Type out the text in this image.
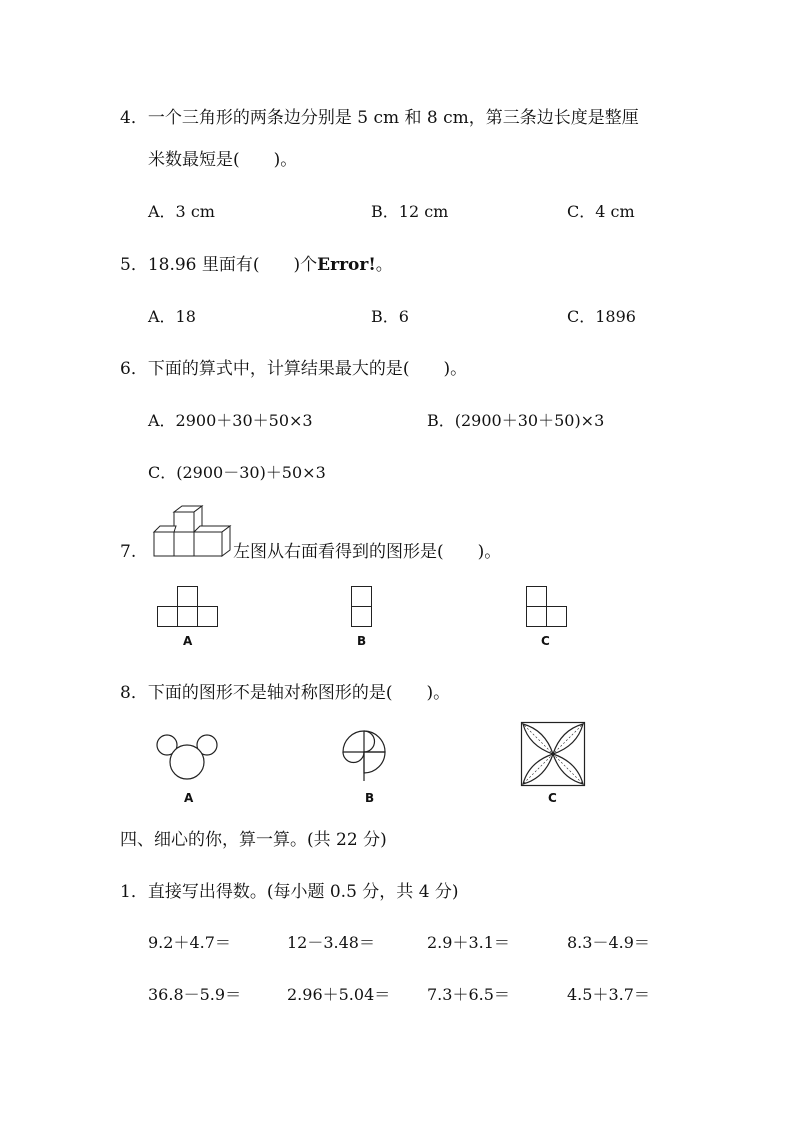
4．一个三角形的两条边分别是 5 cm 和 8 cm，第三条边长度是整厘
米数最短是(　　)。
A．3 cm	B．12 cm	C．4 cm
5．18.96 里面有(　　)个Error!。
A．18	B．6	C．1896
6．下面的算式中，计算结果最大的是(　　)。
A．2900＋30＋50×3	B．(2900＋30＋50)×3
C．(2900－30)＋50×3
7.	左图从右面看得到的图形是(　　)。
A	B	C
8．下面的图形不是轴对称图形的是(　　)。
A	B	C
四、细心的你，算一算。(共 22 分)
1．直接写出得数。(每小题 0.5 分，共 4 分)
9.2＋4.7＝	12－3.48＝	2.9＋3.1＝	8.3－4.9＝
36.8－5.9＝	2.96＋5.04＝ 7.3＋6.5＝	4.5＋3.7＝
